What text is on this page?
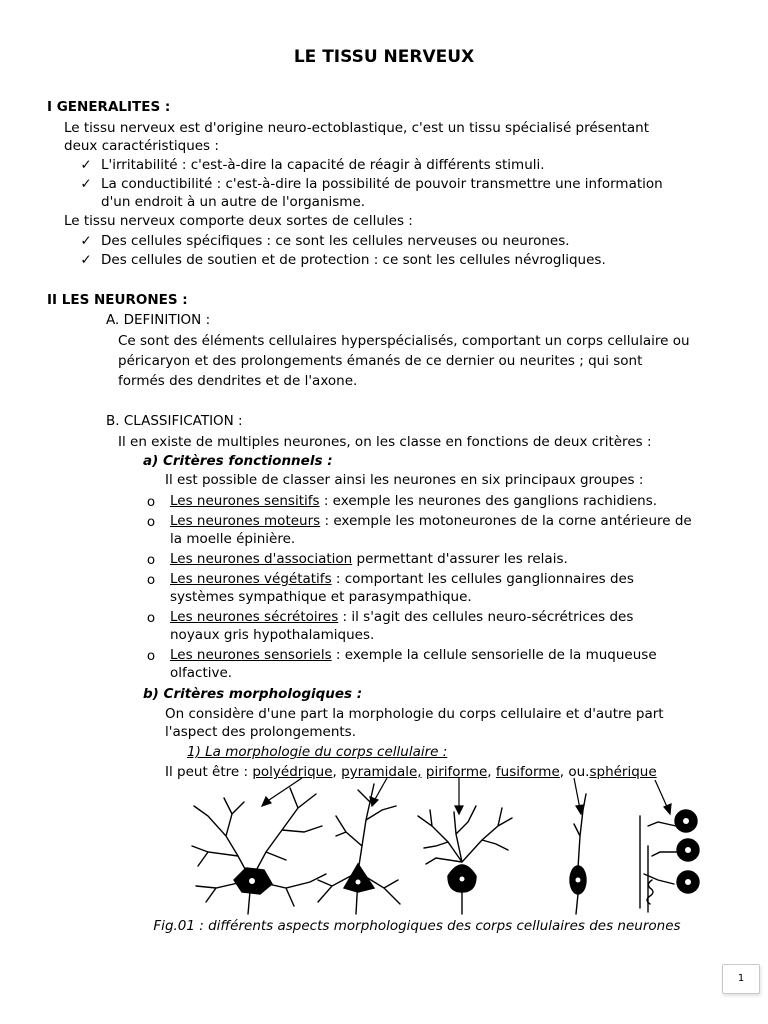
LE TISSU NERVEUX
I GENERALITES :
Le tissu nerveux est d'origine neuro-ectoblastique, c'est un tissu spécialisé présentant
deux caractéristiques :
✓ L'irritabilité : c'est-à-dire la capacité de réagir à différents stimuli.
✓ La conductibilité : c'est-à-dire la possibilité de pouvoir transmettre une information
d'un endroit à un autre de l'organisme.
Le tissu nerveux comporte deux sortes de cellules :
✓ Des cellules spécifiques : ce sont les cellules nerveuses ou neurones.
✓ Des cellules de soutien et de protection : ce sont les cellules névrogliques.
II LES NEURONES :
A. DEFINITION :
Ce sont des éléments cellulaires hyperspécialisés, comportant un corps cellulaire ou
péricaryon et des prolongements émanés de ce dernier ou neurites ; qui sont
formés des dendrites et de l'axone.
B. CLASSIFICATION :
Il en existe de multiples neurones, on les classe en fonctions de deux critères :
a) Critères fonctionnels :
Il est possible de classer ainsi les neurones en six principaux groupes :
o Les neurones sensitifs : exemple les neurones des ganglions rachidiens.
o Les neurones moteurs : exemple les motoneurones de la corne antérieure de
la moelle épinière.
o Les neurones d'association permettant d'assurer les relais.
o Les neurones végétatifs : comportant les cellules ganglionnaires des
systèmes sympathique et parasympathique.
o Les neurones sécrétoires : il s'agit des cellules neuro-sécrétrices des
noyaux gris hypothalamiques.
o Les neurones sensoriels : exemple la cellule sensorielle de la muqueuse
olfactive.
b) Critères morphologiques :
On considère d'une part la morphologie du corps cellulaire et d'autre part
l'aspect des prolongements.
1) La morphologie du corps cellulaire :
Il peut être : polyédrique, pyramidale, piriforme, fusiforme, ou.sphérique
Fig.01 : différents aspects morphologiques des corps cellulaires des neurones
1
